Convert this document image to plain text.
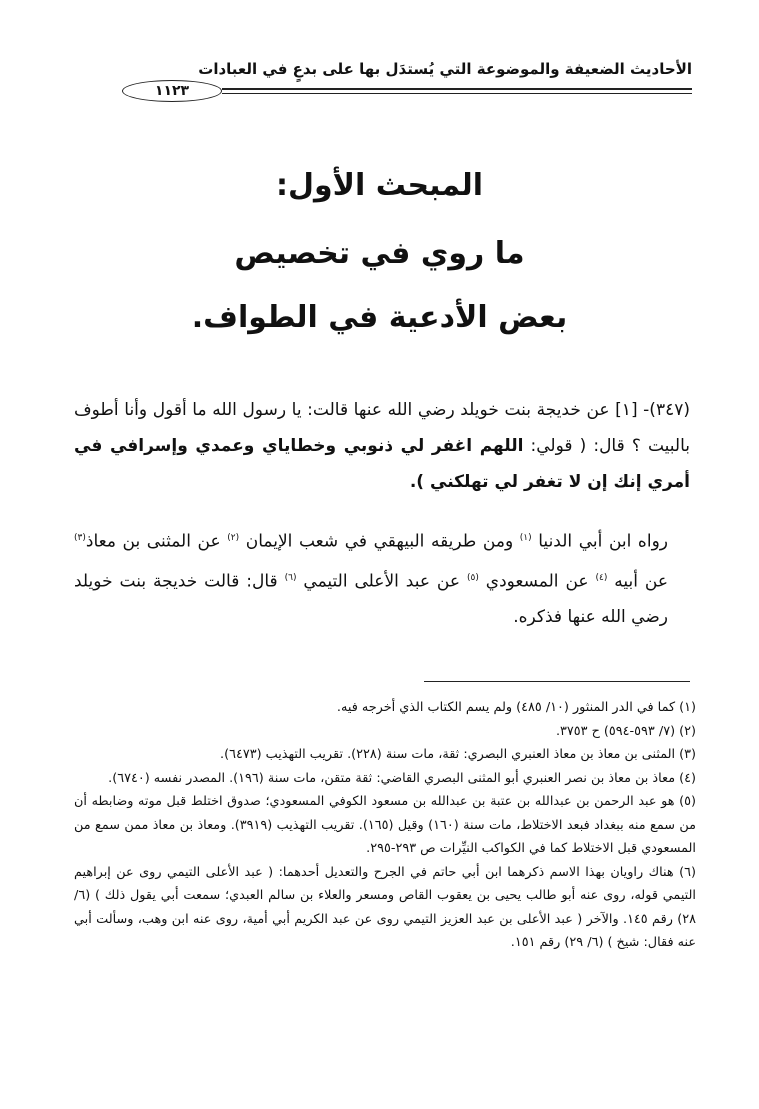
الأحاديث الضعيفة والموضوعة التي يُستدَل بها على بدعٍ في العبادات
١١٢٣
المبحث الأول:
ما روي في تخصيص
بعض الأدعية في الطواف.

(٣٤٧)- [١] عن خديجة بنت خويلد رضي الله عنها قالت: يا رسول الله ما أقول وأنا أطوف بالبيت ؟ قال: ( قولي: اللهم اغفر لي ذنوبي وخطاياي وعمدي وإسرافي في أمري إنك إن لا تغفر لي تهلكني ).

رواه ابن أبي الدنيا $^{(١)}$ ومن طريقه البيهقي في شعب الإيمان $^{(٢)}$ عن المثنى بن معاذ$^{(٣)}$ عن أبيه $^{(٤)}$ عن المسعودي $^{(٥)}$ عن عبد الأعلى التيمي $^{(٦)}$ قال: قالت خديجة بنت خويلد رضي الله عنها فذكره.

(١) كما في الدر المنثور (١٠/ ٤٨٥) ولم يسم الكتاب الذي أخرجه فيه.

(٢) (٧/ ٥٩٣-٥٩٤) ح ٣٧٥٣.

(٣) المثنى بن معاذ بن معاذ العنبري البصري: ثقة، مات سنة (٢٢٨). تقريب التهذيب (٦٤٧٣).

(٤) معاذ بن معاذ بن نصر العنبري أبو المثنى البصري القاضي: ثقة متقن، مات سنة (١٩٦). المصدر نفسه (٦٧٤٠).

(٥) هو عبد الرحمن بن عبدالله بن عتبة بن عبدالله بن مسعود الكوفي المسعودي؛ صدوق اختلط قبل موته وضابطه أن من سمع منه ببغداد فبعد الاختلاط، مات سنة (١٦٠) وقيل (١٦٥). تقريب التهذيب (٣٩١٩). ومعاذ بن معاذ ممن سمع من المسعودي قبل الاختلاط كما في الكواكب النيِّرات ص ٢٩٣-٢٩٥.

(٦) هناك راويان بهذا الاسم ذكرهما ابن أبي حاتم في الجرح والتعديل أحدهما: ( عبد الأعلى التيمي روى عن إبراهيم التيمي قوله، روى عنه أبو طالب يحيى بن يعقوب القاص ومسعر والعلاء بن سالم العبدي؛ سمعت أبي يقول ذلك ) (٦/ ٢٨) رقم ١٤٥. والآخر ( عبد الأعلى بن عبد العزيز التيمي روى عن عبد الكريم أبي أمية، روى عنه ابن وهب، وسألت أبي عنه فقال: شيخ ) (٦/ ٢٩) رقم ١٥١.
